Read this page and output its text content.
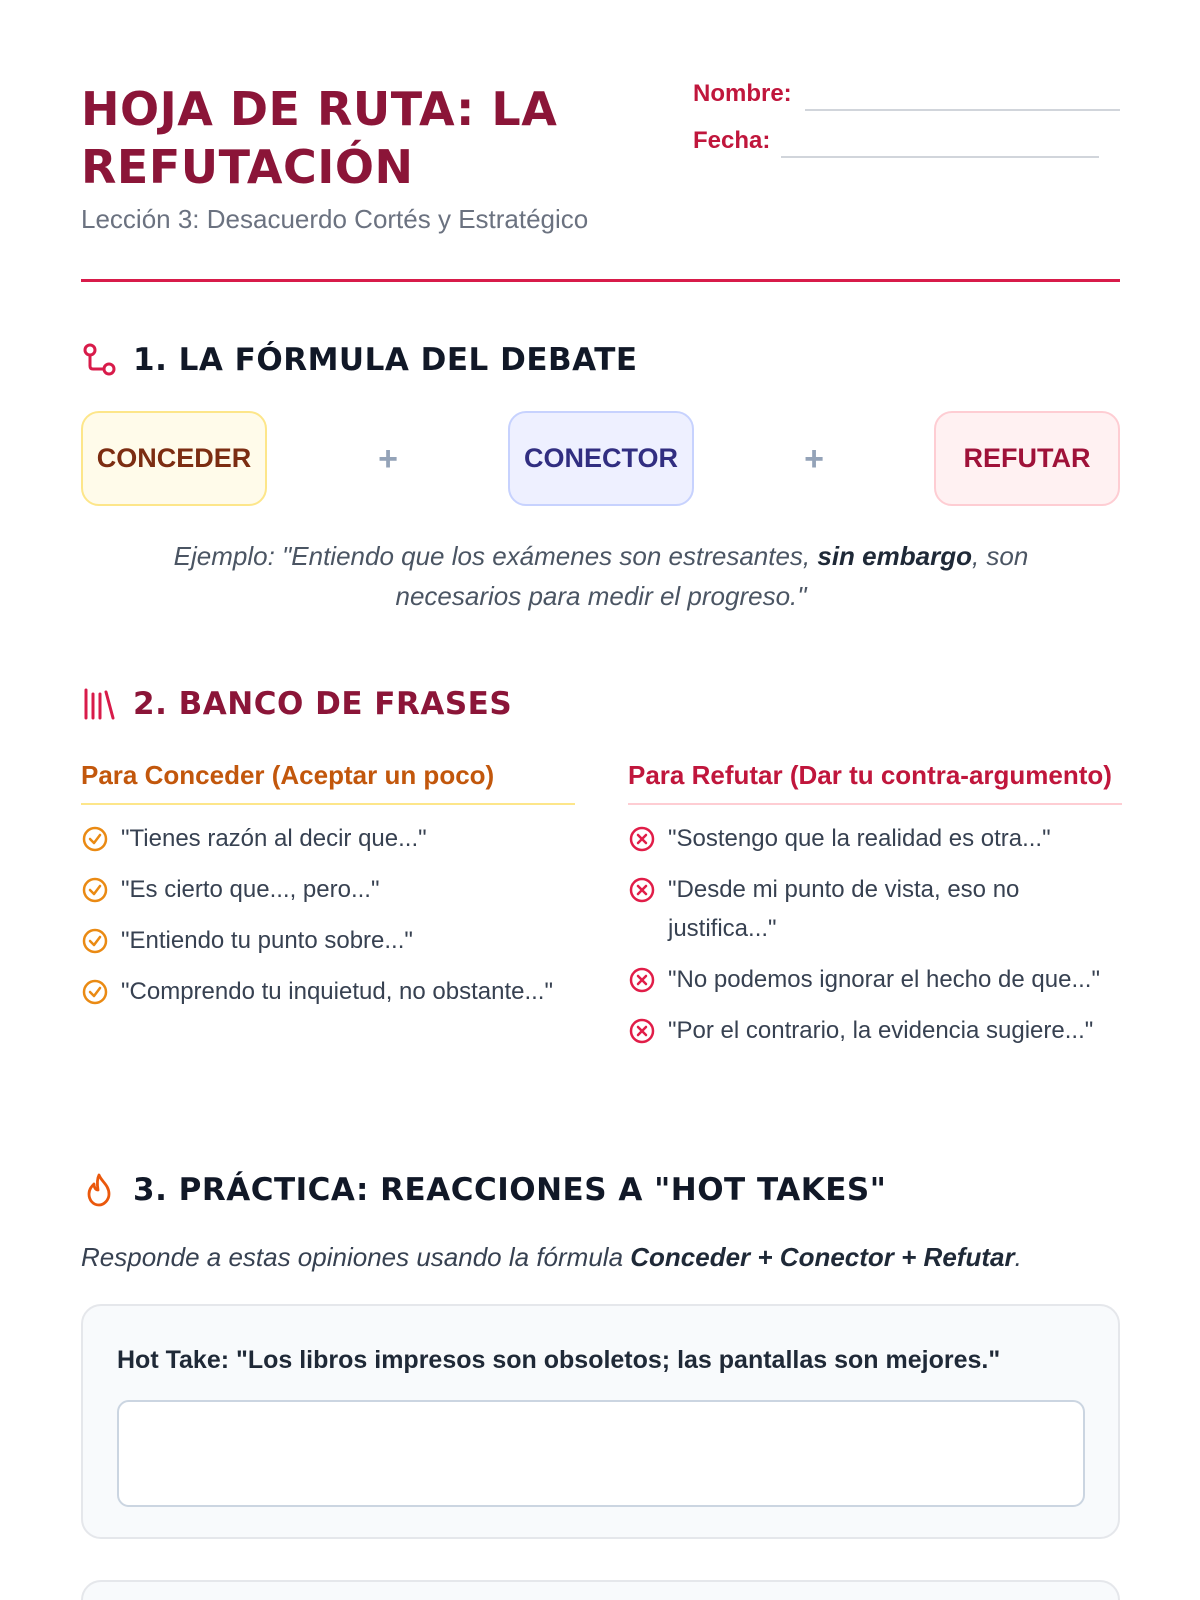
HOJA DE RUTA: LA REFUTACIÓN
Lección 3: Desacuerdo Cortés y Estratégico
Nombre:
Fecha:
1. LA FÓRMULA DEL DEBATE
CONCEDER	+	CONECTOR	+	REFUTAR
Ejemplo: "Entiendo que los exámenes son estresantes, sin embargo, son necesarios para medir el progreso."
2. BANCO DE FRASES
Para Conceder (Aceptar un poco)
"Tienes razón al decir que..."
"Es cierto que..., pero..."
"Entiendo tu punto sobre..."
"Comprendo tu inquietud, no obstante..."
Para Refutar (Dar tu contra-argumento)
"Sostengo que la realidad es otra..."
"Desde mi punto de vista, eso no justifica..."
"No podemos ignorar el hecho de que..."
"Por el contrario, la evidencia sugiere..."
3. PRÁCTICA: REACCIONES A "HOT TAKES"
Responde a estas opiniones usando la fórmula Conceder + Conector + Refutar.
Hot Take: "Los libros impresos son obsoletos; las pantallas son mejores."
